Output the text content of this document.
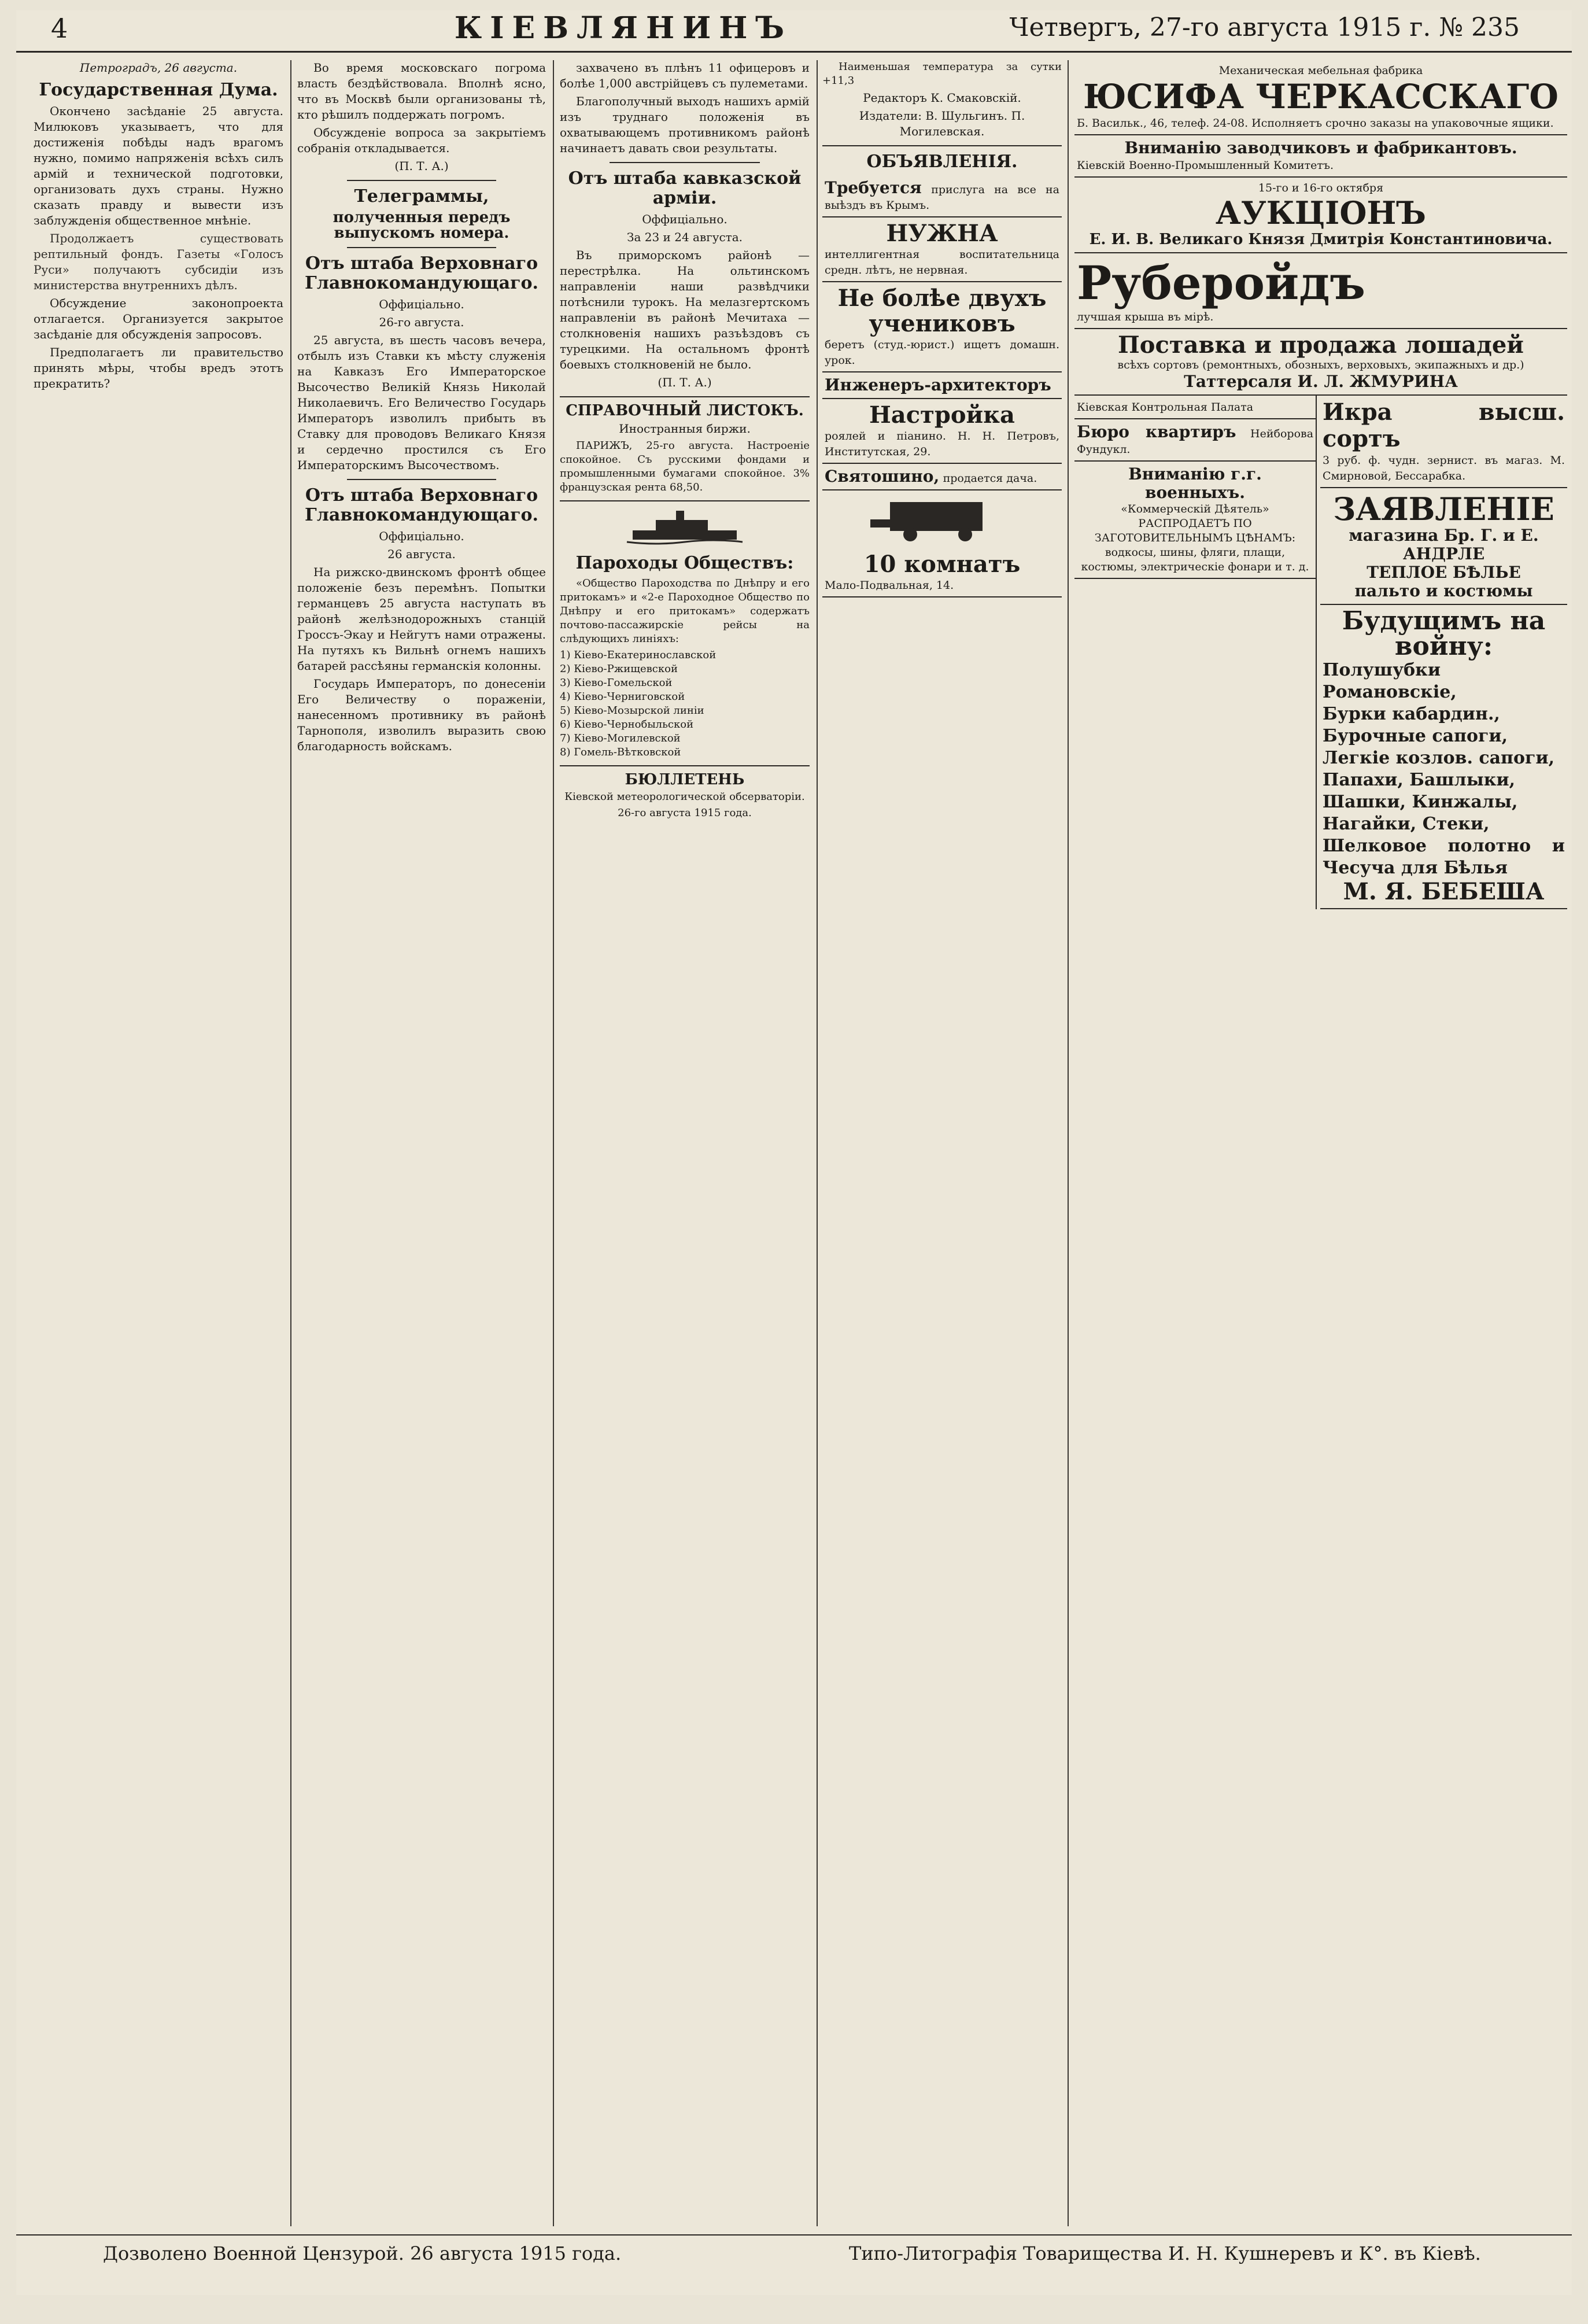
4	КІЕВЛЯНИНЪ	Четвергъ, 27-го августа 1915 г. № 235

Петроградъ, 26 августа.

Государственная Дума.

Окончено засѣданіе 25 августа. Милюковъ указываетъ, что для достиженія побѣды надъ врагомъ нужно, помимо напряженія всѣхъ силъ армій и технической подготовки, организовать духъ страны. Нужно сказать правду и вывести изъ заблужденія общественное мнѣніе.

Продолжаетъ существовать рептильный фондъ. Газеты «Голосъ Руси» получаютъ субсидіи изъ министерства внутреннихъ дѣлъ.

Обсуждение законопроекта отлагается. Организуется закрытое засѣданіе для обсужденія запросовъ.

Предполагаетъ ли правительство принять мѣры, чтобы вредъ этотъ прекратить?

Во время московскаго погрома власть бездѣйствовала. Вполнѣ ясно, что въ Москвѣ были организованы тѣ, кто рѣшилъ поддержать погромъ.

Обсужденіе вопроса за закрытіемъ собранія откладывается.

(П. Т. А.)

Телеграммы,
полученныя передъ выпускомъ номера.
Отъ штаба Верховнаго Главнокомандующаго.

Оффиціально.

26-го августа.

25 августа, въ шесть часовъ вечера, отбылъ изъ Ставки къ мѣсту служенія на Кавказъ Его Императорское Высочество Великій Князь Николай Николаевичъ. Его Величество Государь Императоръ изволилъ прибыть въ Ставку для проводовъ Великаго Князя и сердечно простился съ Его Императорскимъ Высочествомъ.

Отъ штаба Верховнаго Главнокомандующаго.

Оффиціально.

26 августа.

На рижско-двинскомъ фронтѣ общее положеніе безъ перемѣнъ. Попытки германцевъ 25 августа наступать въ районѣ желѣзнодорожныхъ станцій Гроссъ-Экау и Нейгутъ нами отражены. На путяхъ къ Вильнѣ огнемъ нашихъ батарей рассѣяны германскія колонны.

Государь Императоръ, по донесеніи Его Величеству о пораженіи, нанесенномъ противнику въ районѣ Тарнополя, изволилъ выразить свою благодарность войскамъ.

захвачено въ плѣнъ 11 офицеровъ и болѣе 1,000 австрійцевъ съ пулеметами.

Благополучный выходъ нашихъ армій изъ труднаго положенія въ охватывающемъ противникомъ районѣ начинаетъ давать свои результаты.

Отъ штаба кавказской арміи.

Оффиціально.

За 23 и 24 августа.

Въ приморскомъ районѣ — перестрѣлка. На ольтинскомъ направленіи наши развѣдчики потѣснили турокъ. На мелазгертскомъ направленіи въ районѣ Мечитаха — столкновенія нашихъ разъѣздовъ съ турецкими. На остальномъ фронтѣ боевыхъ столкновеній не было.

(П. Т. А.)

СПРАВОЧНЫЙ ЛИСТОКЪ.

Иностранныя биржи.

ПАРИЖЪ, 25-го августа. Настроеніе спокойное. Съ русскими фондами и промышленными бумагами спокойное. 3% французская рента 68,50.

Пароходы Обществъ:

«Общество Пароходства по Днѣпру и его притокамъ» и «2-е Пароходное Общество по Днѣпру и его притокамъ» содержатъ почтово-пассажирскіе рейсы на слѣдующихъ линіяхъ:

1) Кіево-Екатеринославской
2) Кіево-Ржищевской
3) Кіево-Гомельской
4) Кіево-Черниговской
5) Кіево-Мозырской линіи
6) Кіево-Чернобыльской
7) Кіево-Могилевской
8) Гомель-Вѣтковской
БЮЛЛЕТЕНЬ

Кіевской метеорологической обсерваторіи.

26-го августа 1915 года.

Наименьшая температура за сутки +11,3

Редакторъ К. Смаковскій.

Издатели: В. Шульгинъ. П. Могилевская.

ОБЪЯВЛЕНІЯ.
Требуется прислуга на все на выѣздъ въ Крымъ.
НУЖНА
интеллигентная воспитательница средн. лѣтъ, не нервная.
Не болѣе двухъ учениковъ
беретъ (студ.-юрист.) ищетъ домашн. урок.
Инженеръ-архитекторъ
Настройка
роялей и піанино. Н. Н. Петровъ, Институтская, 29.
Святошино, продается дача.
10 комнатъ
Мало-Подвальная, 14.
Механическая мебельная фабрика
ЮСИФА ЧЕРКАССКАГО
Б. Васильк., 46, телеф. 24-08. Исполняетъ срочно заказы на упаковочные ящики.
Вниманію заводчиковъ и фабрикантовъ.
Кіевскій Военно-Промышленный Комитетъ.
15-го и 16-го октября
АУКЦІОНЪ
Е. И. В. Великаго Князя Дмитрія Константиновича.
Руберойдъ
лучшая крыша въ мірѣ.
Поставка и продажа лошадей
всѣхъ сортовъ (ремонтныхъ, обозныхъ, верховыхъ, экипажныхъ и др.)
Таттерсаля И. Л. ЖМУРИНА
Кіевская Контрольная Палата
Бюро квартиръ Нейборова Фундукл.
Вниманію г.г. военныхъ.
«Коммерческій Дѣятель»
РАСПРОДАЕТЪ ПО ЗАГОТОВИТЕЛЬНЫМЪ ЦѢНАМЪ: водкосы, шины, фляги, плащи, костюмы, электрическіе фонари и т. д.
Икра высш. сортъ
3 руб. ф. чудн. зернист. въ магаз. М. Смирновой, Бессарабка.
ЗАЯВЛЕНІЕ
магазина Бр. Г. и Е. АНДРЛЕ
ТЕПЛОЕ БѢЛЬЕ
пальто и костюмы
Будущимъ на войну:
Полушубки Романовскіе,
Бурки кабардин.,
Бурочные сапоги,
Легкіе козлов. сапоги,
Папахи, Башлыки,
Шашки, Кинжалы,
Нагайки, Стеки,
Шелковое полотно и Чесуча для Бѣлья
М. Я. БЕБЕША
Дозволено Военной Цензурой. 26 августа 1915 года.	Типо-Литографія Товарищества И. Н. Кушнеревъ и К°. въ Кіевѣ.
